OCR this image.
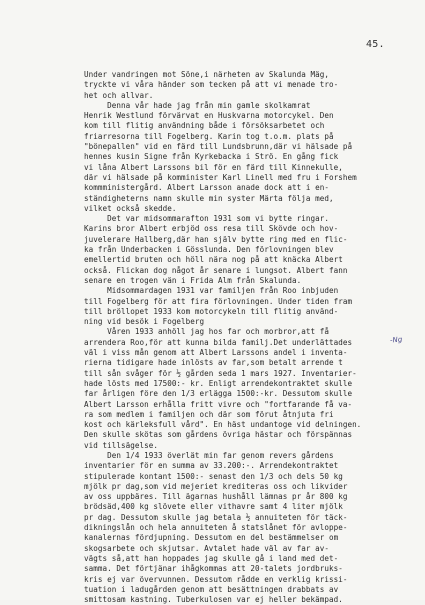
45.
-Ng
Under vandringen mot Söne,i närheten av Skalunda Mäg,
tryckte vi våra händer som tecken på att vi menade tro-
het och allvar.
Denna vår hade jag från min gamle skolkamrat
Henrik Westlund förvärvat en Huskvarna motorcykel. Den
kom till flitig användning både i försöksarbetet och
friarresorna till Fogelberg. Karin tog t.o.m. plats på
"bönepallen" vid en färd till Lundsbrunn,där vi hälsade på
hennes kusin Signe från Kyrkebacka i Strö. En gång fick
vi låna Albert Larssons bil för en färd till Kinnekulle,
där vi hälsade på komminister Karl Linell med fru i Forshem
kommministergård. Albert Larsson anade dock att i en-
ständigheterns namn skulle min syster Märta följa med,
vilket också skedde.
Det var midsommarafton 1931 som vi bytte ringar.
Karins bror Albert erbjöd oss resa till Skövde och hov-
juvelerare Hallberg,där han själv bytte ring med en flic-
ka från Underbacken i Gösslunda. Den förlovningen blev
emellertid bruten och höll nära nog på att knäcka Albert
också. Flickan dog något år senare i lungsot. Albert fann
senare en trogen vän i Frida Alm från Skalunda.
Midsommardagen 1931 var familjen från Roo inbjuden
till Fogelberg för att fira förlovningen. Under tiden fram
till bröllopet 1933 kom motorcykeln till flitig använd-
ning vid besök i Fogelberg
Våren 1933 anhöll jag hos far och morbror,att få
arrendera Roo,för att kunna bilda familj.Det underlättades
väl i viss mån genom att Albert Larssons andel i inventa-
rierna tidigare hade inlösts av far,som betalt arrende t
till sån svåger för ½ gården seda 1 mars 1927. Inventarier-
hade lösts med 17500:- kr. Enligt arrendekontraktet skulle
far årligen före den 1/3 erlägga 1500:-kr. Dessutom skulle
Albert Larsson erhålla fritt vivre och "fortfarande få va-
ra som medlem i familjen och där som förut åtnjuta fri
kost och kärleksfull vård". En häst undantoge vid delningen.
Den skulle skötas som gårdens övriga hästar och förspännas
vid tillsägelse.
Den 1/4 1933 överlät min far genom revers gårdens
inventarier för en summa av 33.200:-. Arrendekontraktet
stipulerade kontant 1500:- senast den 1/3 och dels 50 kg
mjölk pr dag,som vid mejeriet krediteras oss och likvider
av oss uppbäres. Till ägarnas hushåll lämnas pr år 800 kg
brödsäd,400 kg slövete eller vithavre samt 4 liter mjölk
pr dag. Dessutom skulle jag betala ½ annuiteten för täck-
dikningslån och hela annuiteten å statslånet för avloppe-
kanalernas fördjupning. Dessutom en del bestämmelser om
skogsarbete och skjutsar. Avtalet hade väl av far av-
vägts så,att han hoppades jag skulle gå i land med det-
samma. Det förtjänar ihågkommas att 20-talets jordbruks-
kris ej var övervunnen. Dessutom rådde en verklig krissi-
tuation i ladugården genom att besättningen drabbats av
smittosam kastning. Tuberkulosen var ej heller bekämpad.
